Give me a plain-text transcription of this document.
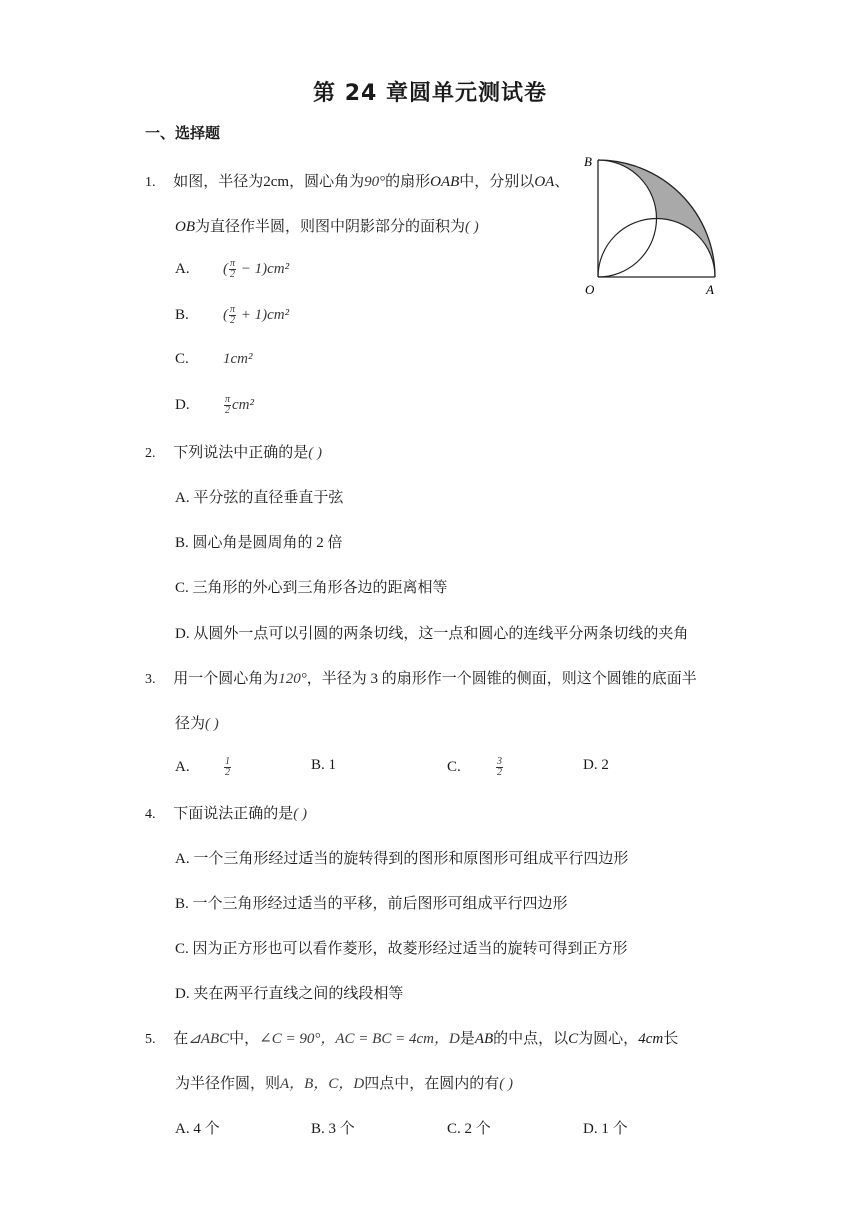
第 24 章圆单元测试卷
一、选择题
1. 如图，半径为2cm，圆心角为90°的扇形OAB中，分别以OA、
OB为直径作半圆，则图中阴影部分的面积为( )
A. ( $\frac{\pi}{2} - 1)cm^2$
B. ( $\frac{\pi}{2} + 1)cm^2$
C. 1cm²
D.	$\frac{\pi}{2} cm^2$
B
O	A
2. 下列说法中正确的是( )
A. 平分弦的直径垂直于弦
B. 圆心角是圆周角的 2 倍
C. 三角形的外心到三角形各边的距离相等
D. 从圆外一点可以引圆的两条切线，这一点和圆心的连线平分两条切线的夹角
3. 用一个圆心角为120°，半径为 3 的扇形作一个圆锥的侧面，则这个圆锥的底面半
径为( )
A.	$\frac{1}{2}$	B. 1	C.	$\frac{3}{2}$	D. 2
4. 下面说法正确的是( )
A. 一个三角形经过适当的旋转得到的图形和原图形可组成平行四边形
B. 一个三角形经过适当的平移，前后图形可组成平行四边形
C. 因为正方形也可以看作菱形，故菱形经过适当的旋转可得到正方形
D. 夹在两平行直线之间的线段相等
5. 在⊿ABC中，∠C = 90°，AC = BC = 4cm，D是AB的中点，以C为圆心，4cm长
为半径作圆，则A，B，C，D四点中，在圆内的有( )
A. 4 个	B. 3 个	C. 2 个	D. 1 个
